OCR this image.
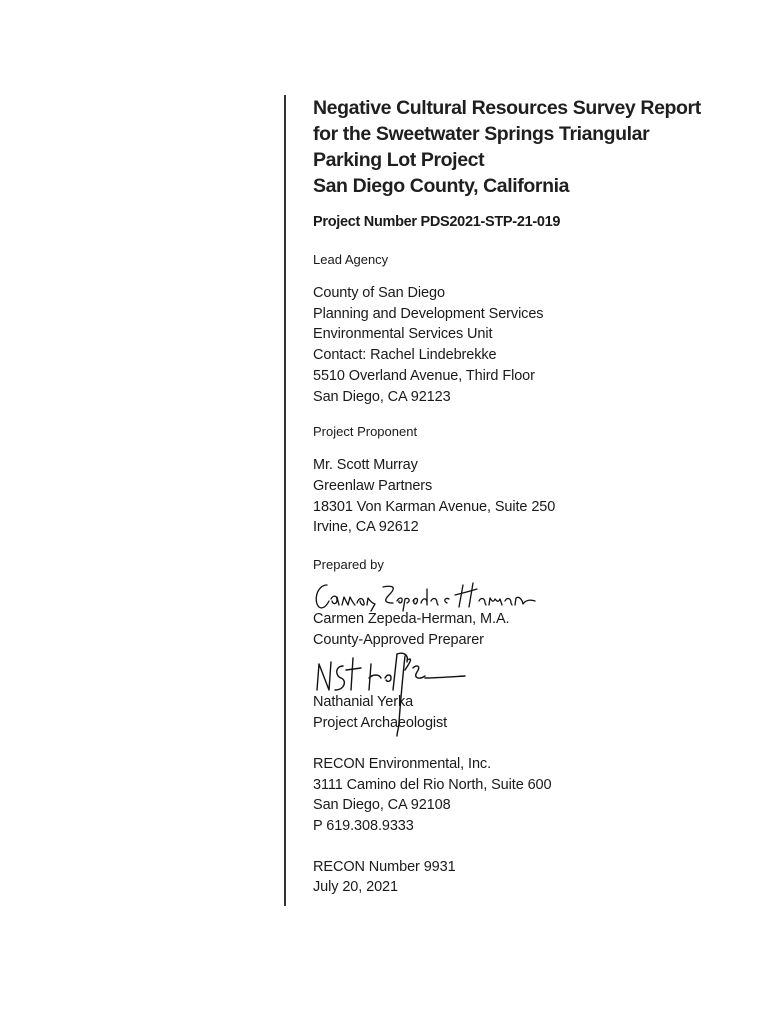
Negative Cultural Resources Survey Report
for the Sweetwater Springs Triangular
Parking Lot Project
San Diego County, California
Project Number PDS2021-STP-21-019
Lead Agency
County of San Diego
Planning and Development Services
Environmental Services Unit
Contact: Rachel Lindebrekke
5510 Overland Avenue, Third Floor
San Diego, CA 92123
Project Proponent
Mr. Scott Murray
Greenlaw Partners
18301 Von Karman Avenue, Suite 250
Irvine, CA 92612
Prepared by
Carmen Zepeda-Herman, M.A.
County-Approved Preparer
Nathanial Yerka
Project Archaeologist
RECON Environmental, Inc.
3111 Camino del Rio North, Suite 600
San Diego, CA 92108
P 619.308.9333
RECON Number 9931
July 20, 2021
